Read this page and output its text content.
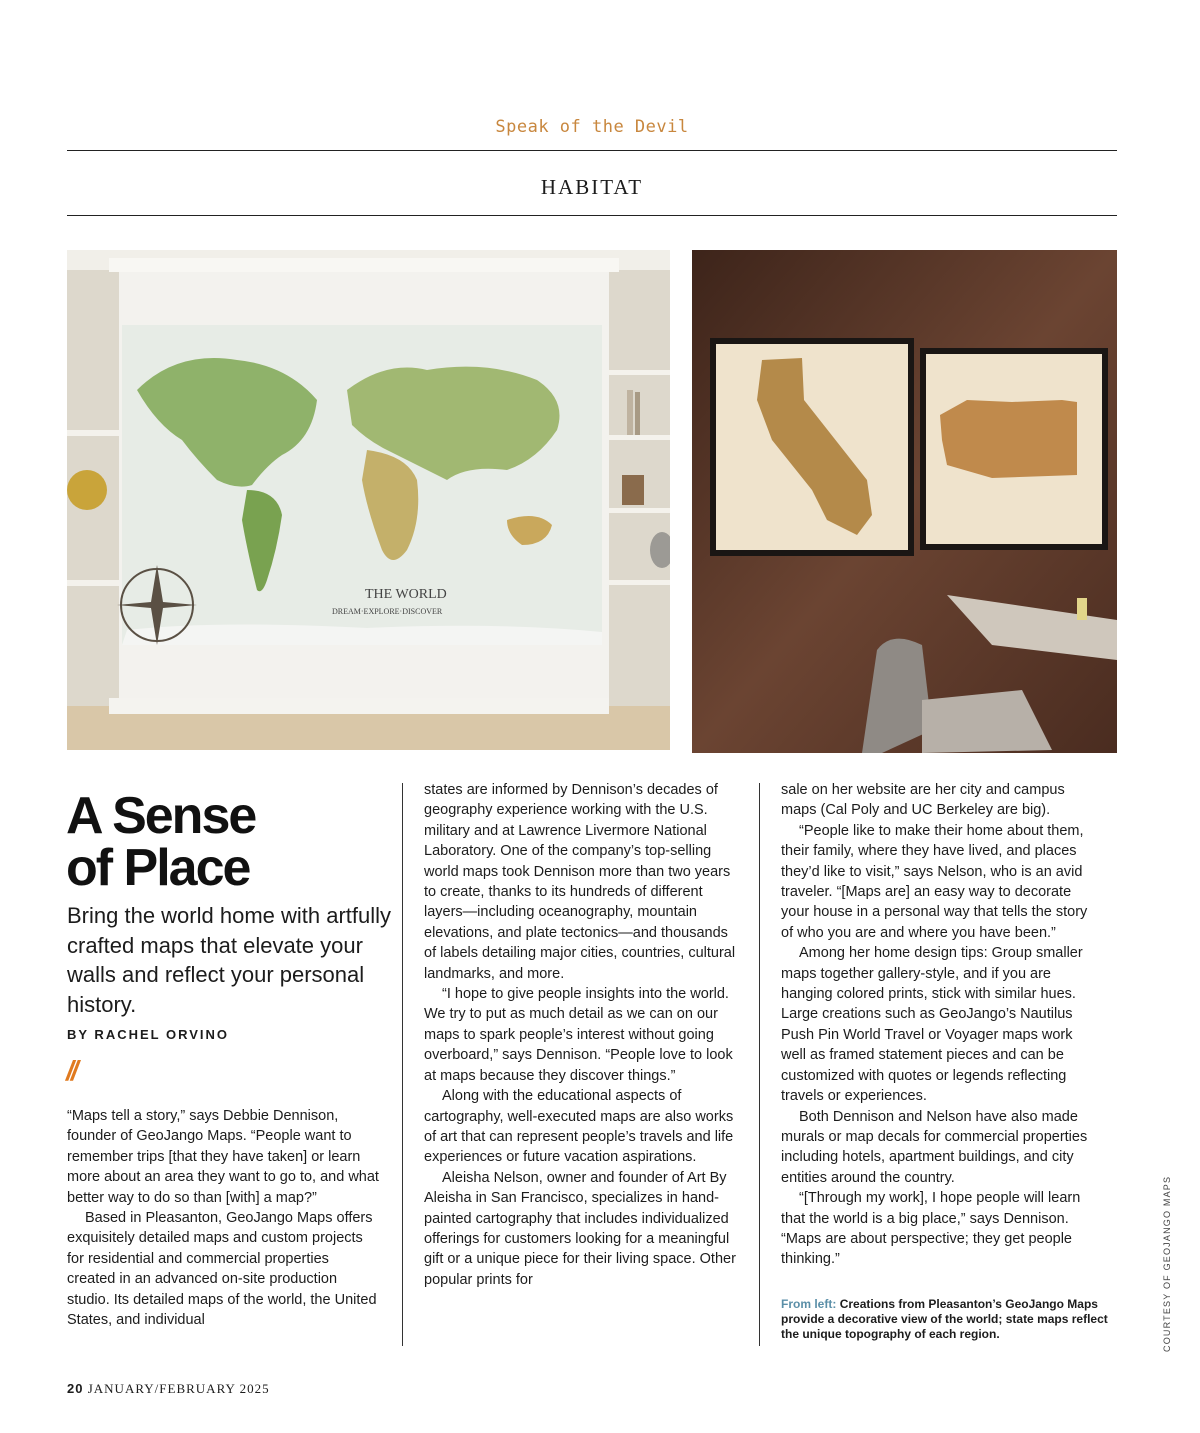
Speak of the Devil
HABITAT
THE WORLD
DREAM·EXPLORE·DISCOVER
A Sense
of Place
Bring the world home with artfully crafted maps that elevate your walls and reflect your personal history.
BY RACHEL ORVINO
//

“Maps tell a story,” says Debbie Dennison, founder of GeoJango Maps. “People want to remember trips [that they have taken] or learn more about an area they want to go to, and what better way to do so than [with] a map?”

Based in Pleasanton, GeoJango Maps offers exquisitely detailed maps and custom projects for residential and commercial properties created in an advanced on-site production studio. Its detailed maps of the world, the United States, and individual

states are informed by Dennison’s decades of geography experience working with the U.S. military and at Lawrence Livermore National Laboratory. One of the company’s top-selling world maps took Dennison more than two years to create, thanks to its hundreds of different layers—including oceanography, mountain elevations, and plate tectonics—and thousands of labels detailing major cities, countries, cultural landmarks, and more.

“I hope to give people insights into the world. We try to put as much detail as we can on our maps to spark people’s interest without going overboard,” says Dennison. “People love to look at maps because they discover things.”

Along with the educational aspects of cartography, well-executed maps are also works of art that can represent people’s travels and life experiences or future vacation aspirations.

Aleisha Nelson, owner and founder of Art By Aleisha in San Francisco, specializes in hand-painted cartography that includes individualized offerings for customers looking for a meaningful gift or a unique piece for their living space. Other popular prints for

sale on her website are her city and campus maps (Cal Poly and UC Berkeley are big).

“People like to make their home about them, their family, where they have lived, and places they’d like to visit,” says Nelson, who is an avid traveler. “[Maps are] an easy way to decorate your house in a personal way that tells the story of who you are and where you have been.”

Among her home design tips: Group smaller maps together gallery-style, and if you are hanging colored prints, stick with similar hues. Large creations such as GeoJango’s Nautilus Push Pin World Travel or Voyager maps work well as framed statement pieces and can be customized with quotes or legends reflecting travels or experiences.

Both Dennison and Nelson have also made murals or map decals for commercial properties including hotels, apartment buildings, and city entities around the country.

“[Through my work], I hope people will learn that the world is a big place,” says Dennison. “Maps are about perspective; they get people thinking.”

From left: Creations from Pleasanton’s GeoJango Maps provide a decorative view of the world; state maps reflect the unique topography of each region.	COURTESY OF GEOJANGO MAPS
20 JANUARY/FEBRUARY 2025
